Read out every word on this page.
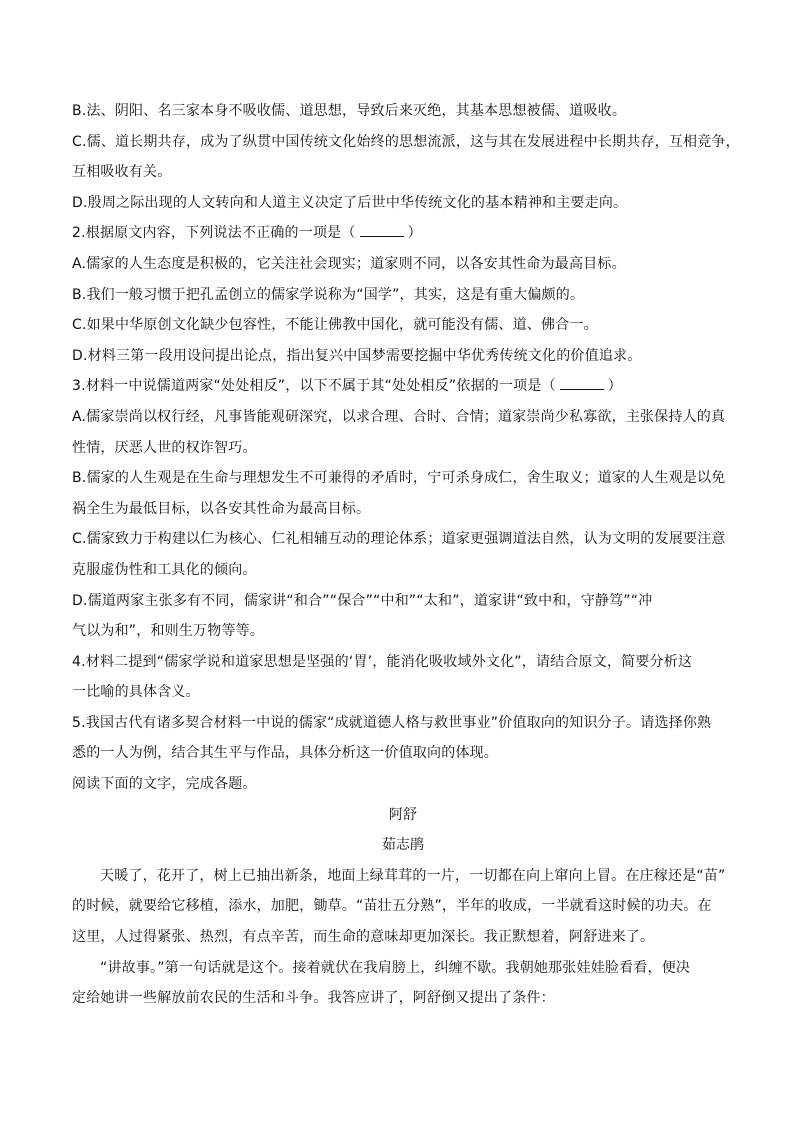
B.法、阴阳、名三家本身不吸收儒、道思想，导致后来灭绝，其基本思想被儒、道吸收。
C.儒、道长期共存，成为了纵贯中国传统文化始终的思想流派，这与其在发展进程中长期共存，互相竞争，
互相吸收有关。
D.殷周之际出现的人文转向和人道主义决定了后世中华传统文化的基本精神和主要走向。
2.根据原文内容，下列说法不正确的一项是（	）
A.儒家的人生态度是积极的，它关注社会现实；道家则不同，以各安其性命为最高目标。
B.我们一般习惯于把孔孟创立的儒家学说称为“国学”，其实，这是有重大偏颇的。
C.如果中华原创文化缺少包容性，不能让佛教中国化，就可能没有儒、道、佛合一。
D.材料三第一段用设问提出论点，指出复兴中国梦需要挖掘中华优秀传统文化的价值追求。
3.材料一中说儒道两家“处处相反”，以下不属于其“处处相反”依据的一项是（	）
A.儒家崇尚以权行经，凡事皆能观研深究，以求合理、合时、合情；道家崇尚少私寡欲，主张保持人的真
性情，厌恶人世的权诈智巧。
B.儒家的人生观是在生命与理想发生不可兼得的矛盾时，宁可杀身成仁，舍生取义；道家的人生观是以免
祸全生为最低目标，以各安其性命为最高目标。
C.儒家致力于构建以仁为核心、仁礼相辅互动的理论体系；道家更强调道法自然，认为文明的发展要注意
克服虚伪性和工具化的倾向。
D.儒道两家主张多有不同，儒家讲“和合”“保合”“中和”“太和”，道家讲“致中和，守静笃”“冲
气以为和”，和则生万物等等。
4.材料二提到“儒家学说和道家思想是坚强的‘胃’，能消化吸收域外文化”，请结合原文，简要分析这
一比喻的具体含义。
5.我国古代有诸多契合材料一中说的儒家“成就道德人格与救世事业”价值取向的知识分子。请选择你熟
悉的一人为例，结合其生平与作品，具体分析这一价值取向的体现。
阅读下面的文字，完成各题。
阿舒
茹志鹃
天暖了，花开了，树上已抽出新条，地面上绿茸茸的一片，一切都在向上窜向上冒。在庄稼还是“苗”
的时候，就要给它移植，添水，加肥，锄草。“苗壮五分熟”，半年的收成，一半就看这时候的功夫。在
这里，人过得紧张、热烈，有点辛苦，而生命的意味却更加深长。我正默想着，阿舒进来了。
“讲故事。”第一句话就是这个。接着就伏在我肩膀上，纠缠不歇。我朝她那张娃娃脸看看，便决
定给她讲一些解放前农民的生活和斗争。我答应讲了，阿舒倒又提出了条件：
